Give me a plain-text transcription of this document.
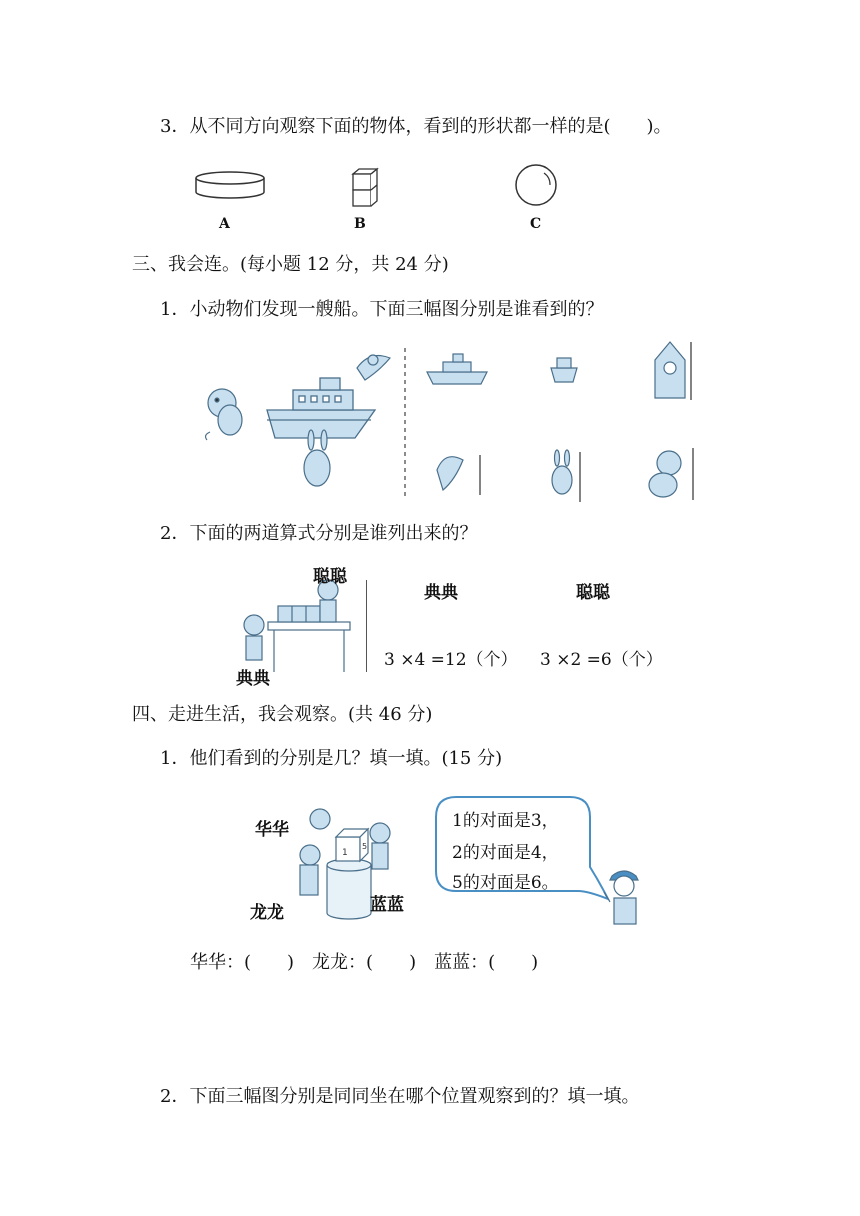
3．从不同方向观察下面的物体，看到的形状都一样的是(　　)。
A	B	C
三、我会连。(每小题 12 分，共 24 分)
1．小动物们发现一艘船。下面三幅图分别是谁看到的？
2．下面的两道算式分别是谁列出来的？
聪聪
典典
典典	聪聪
3 ×4 =12（个） 3 ×2 =6（个）
四、走进生活，我会观察。(共 46 分)
1．他们看到的分别是几？填一填。(15 分)
1
5
华华
龙龙	蓝蓝
1的对面是3，
2的对面是4，
5的对面是6。
华华：(　　)　龙龙：(　　)　蓝蓝：(　　)
2．下面三幅图分别是同同坐在哪个位置观察到的？填一填。
